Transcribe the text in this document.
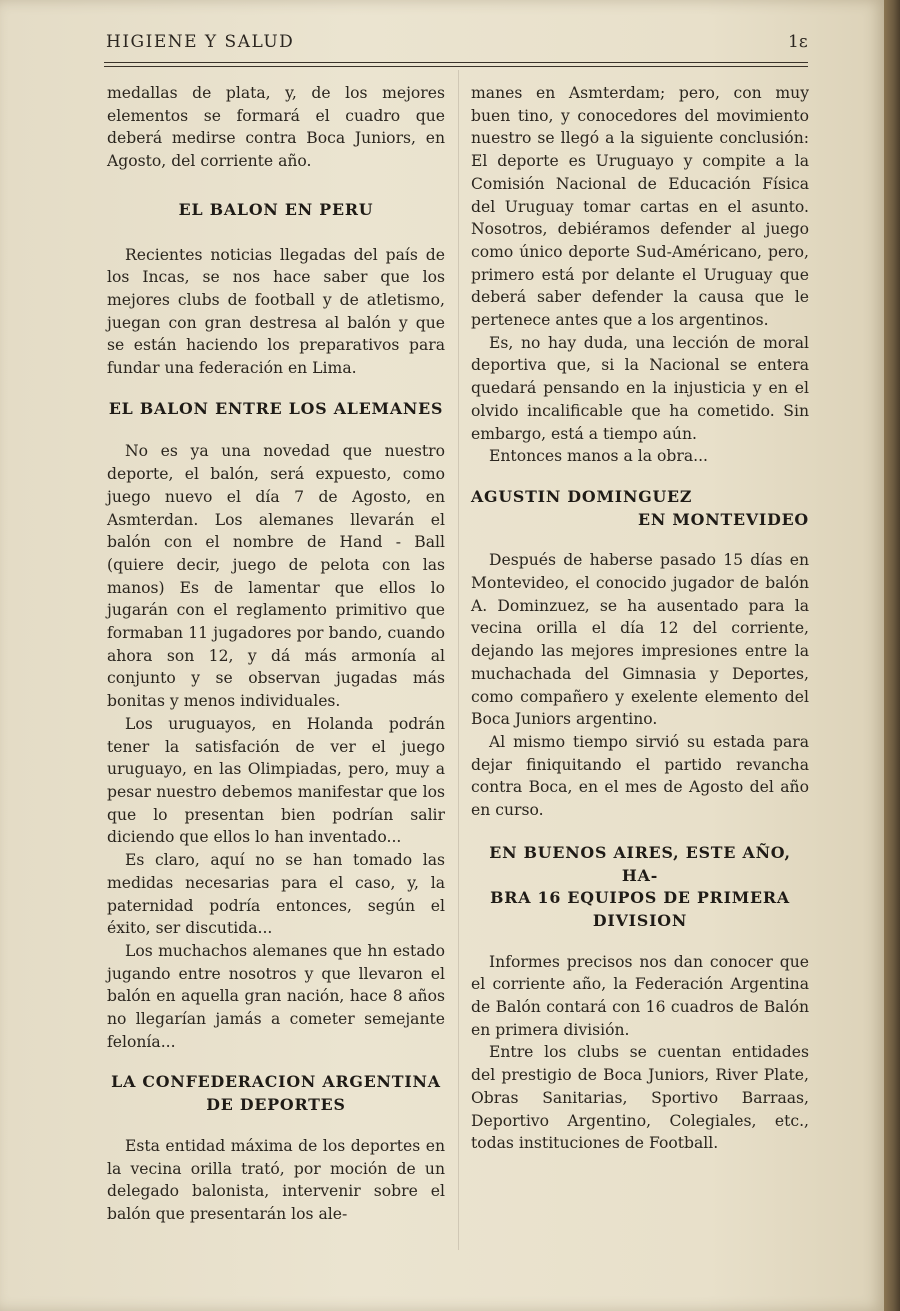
HIGIENE Y SALUD	1ε

medallas de plata, y, de los mejores elementos se formará el cuadro que deberá medirse contra Boca Juniors, en Agosto, del corriente año.

EL BALON EN PERU

Recientes noticias llegadas del país de los Incas, se nos hace saber que los mejores clubs de football y de atletismo, juegan con gran destresa al balón y que se están haciendo los preparativos para fundar una federación en Lima.

EL BALON ENTRE LOS ALEMANES

No es ya una novedad que nuestro deporte, el balón, será expuesto, como juego nuevo el día 7 de Agosto, en Asmterdan. Los alemanes llevarán el balón con el nombre de Hand - Ball (quiere decir, juego de pelota con las manos) Es de lamentar que ellos lo jugarán con el reglamento primitivo que formaban 11 jugadores por bando, cuando ahora son 12, y dá más armonía al conjunto y se observan jugadas más bonitas y menos individuales.

Los uruguayos, en Holanda podrán tener la satisfación de ver el juego uruguayo, en las Olimpiadas, pero, muy a pesar nuestro debemos manifestar que los que lo presentan bien podrían salir diciendo que ellos lo han inventado...

Es claro, aquí no se han tomado las medidas necesarias para el caso, y, la paternidad podría entonces, según el éxito, ser discutida...

Los muchachos alemanes que hn estado jugando entre nosotros y que llevaron el balón en aquella gran nación, hace 8 años no llegarían jamás a cometer semejante felonía...

LA CONFEDERACION ARGENTINA
DE DEPORTES

Esta entidad máxima de los deportes en la vecina orilla trató, por moción de un delegado balonista, intervenir sobre el balón que presentarán los ale-

manes en Asmterdam; pero, con muy buen tino, y conocedores del movimiento nuestro se llegó a la siguiente conclusión: El deporte es Uruguayo y compite a la Comisión Nacional de Educación Física del Uruguay tomar cartas en el asunto. Nosotros, debiéramos defender al juego como único deporte Sud-Américano, pero, primero está por delante el Uruguay que deberá saber defender la causa que le pertenece antes que a los argentinos.

Es, no hay duda, una lección de moral deportiva que, si la Nacional se entera quedará pensando en la injusticia y en el olvido incalificable que ha cometido. Sin embargo, está a tiempo aún.

Entonces manos a la obra...

AGUSTIN DOMINGUEZ
EN MONTEVIDEO

Después de haberse pasado 15 días en Montevideo, el conocido jugador de balón A. Dominzuez, se ha ausentado para la vecina orilla el día 12 del corriente, dejando las mejores impresiones entre la muchachada del Gimnasia y Deportes, como compañero y exelente elemento del Boca Juniors argentino.

Al mismo tiempo sirvió su estada para dejar finiquitando el partido revancha contra Boca, en el mes de Agosto del año en curso.

EN BUENOS AIRES, ESTE AÑO, HA-
BRA 16 EQUIPOS DE PRIMERA
DIVISION

Informes precisos nos dan conocer que el corriente año, la Federación Argentina de Balón contará con 16 cuadros de Balón en primera división.

Entre los clubs se cuentan entidades del prestigio de Boca Juniors, River Plate, Obras Sanitarias, Sportivo Barraas, Deportivo Argentino, Colegiales, etc., todas instituciones de Football.
